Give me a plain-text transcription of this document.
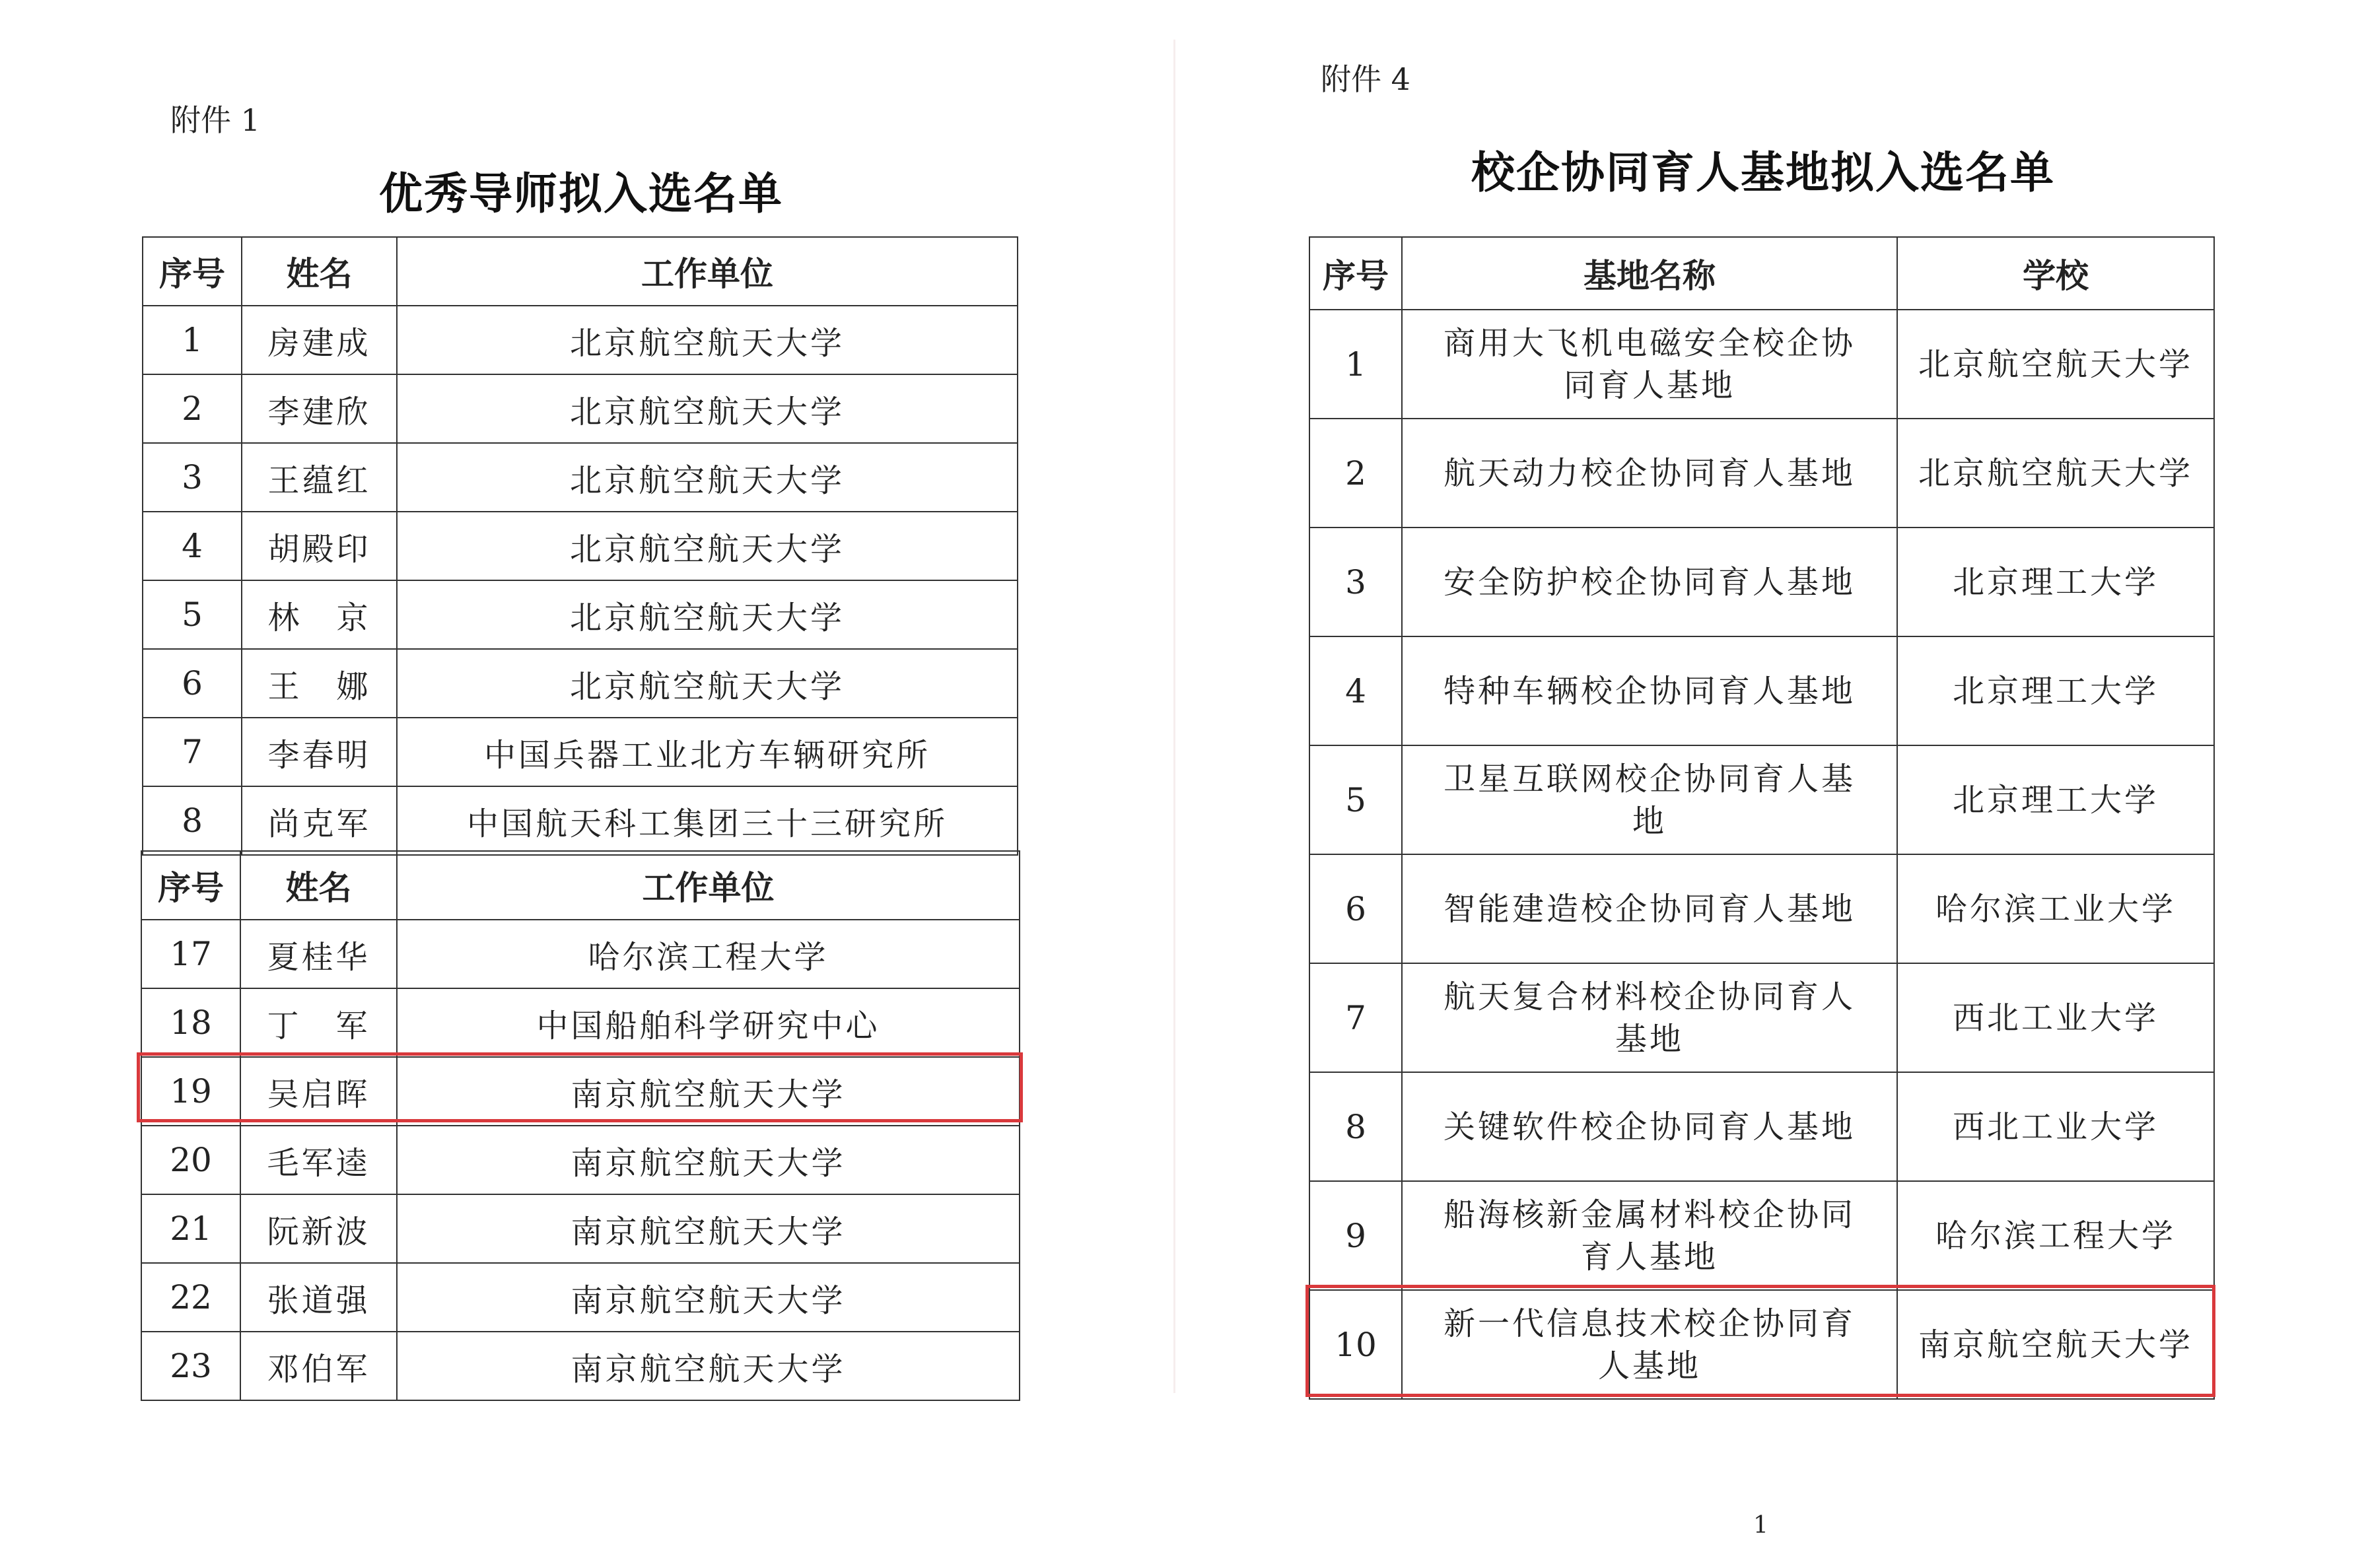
附件 1
优秀导师拟入选名单
序号	姓名	工作单位
1	房建成	北京航空航天大学
2	李建欣	北京航空航天大学
3	王蕴红	北京航空航天大学
4	胡殿印	北京航空航天大学
5	林　京	北京航空航天大学
6	王　娜	北京航空航天大学
7	李春明	中国兵器工业北方车辆研究所
8	尚克军	中国航天科工集团三十三研究所
序号	姓名	工作单位
17	夏桂华	哈尔滨工程大学
18	丁　军	中国船舶科学研究中心
19	吴启晖	南京航空航天大学
20	毛军逵	南京航空航天大学
21	阮新波	南京航空航天大学
22	张道强	南京航空航天大学
23	邓伯军	南京航空航天大学
附件 4
校企协同育人基地拟入选名单
序号	基地名称	学校
1	商用大飞机电磁安全校企协同育人基地	北京航空航天大学
2	航天动力校企协同育人基地	北京航空航天大学
3	安全防护校企协同育人基地	北京理工大学
4	特种车辆校企协同育人基地	北京理工大学
5	卫星互联网校企协同育人基地	北京理工大学
6	智能建造校企协同育人基地	哈尔滨工业大学
7	航天复合材料校企协同育人基地	西北工业大学
8	关键软件校企协同育人基地	西北工业大学
9	船海核新金属材料校企协同育人基地	哈尔滨工程大学
10	新一代信息技术校企协同育人基地	南京航空航天大学
1
